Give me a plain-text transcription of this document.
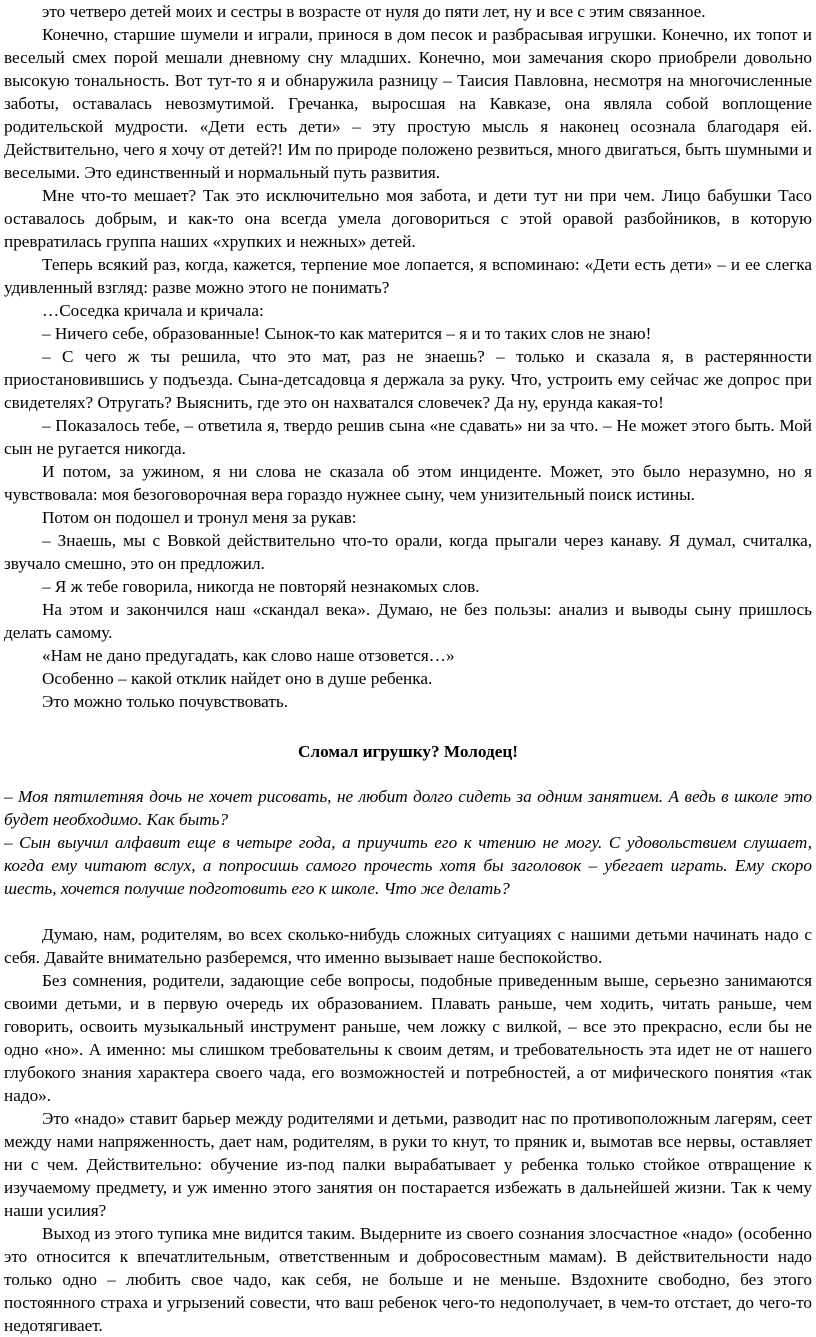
это четверо детей моих и сестры в возрасте от нуля до пяти лет, ну и все с этим связанное.

Конечно, старшие шумели и играли, принося в дом песок и разбрасывая игрушки. Конечно, их топот и веселый смех порой мешали дневному сну младших. Конечно, мои замечания скоро приобрели довольно высокую тональность. Вот тут-то я и обнаружила разницу – Таисия Павловна, несмотря на многочисленные заботы, оставалась невозмутимой. Гречанка, выросшая на Кавказе, она являла собой воплощение родительской мудрости. «Дети есть дети» – эту простую мысль я наконец осознала благодаря ей. Действительно, чего я хочу от детей?! Им по природе положено резвиться, много двигаться, быть шумными и веселыми. Это единственный и нормальный путь развития.

Мне что-то мешает? Так это исключительно моя забота, и дети тут ни при чем. Лицо бабушки Тасо оставалось добрым, и как-то она всегда умела договориться с этой оравой разбойников, в которую превратилась группа наших «хрупких и нежных» детей.

Теперь всякий раз, когда, кажется, терпение мое лопается, я вспоминаю: «Дети есть дети» – и ее слегка удивленный взгляд: разве можно этого не понимать?

…Соседка кричала и кричала:

– Ничего себе, образованные! Сынок-то как матерится – я и то таких слов не знаю!

– С чего ж ты решила, что это мат, раз не знаешь? – только и сказала я, в растерянности приостановившись у подъезда. Сына-детсадовца я держала за руку. Что, устроить ему сейчас же допрос при свидетелях? Отругать? Выяснить, где это он нахватался словечек? Да ну, ерунда какая-то!

– Показалось тебе, – ответила я, твердо решив сына «не сдавать» ни за что. – Не может этого быть. Мой сын не ругается никогда.

И потом, за ужином, я ни слова не сказала об этом инциденте. Может, это было неразумно, но я чувствовала: моя безоговорочная вера гораздо нужнее сыну, чем унизительный поиск истины.

Потом он подошел и тронул меня за рукав:

– Знаешь, мы с Вовкой действительно что-то орали, когда прыгали через канаву. Я думал, считалка, звучало смешно, это он предложил.

– Я ж тебе говорила, никогда не повторяй незнакомых слов.

На этом и закончился наш «скандал века». Думаю, не без пользы: анализ и выводы сыну пришлось делать самому.

«Нам не дано предугадать, как слово наше отзовется…»

Особенно – какой отклик найдет оно в душе ребенка.

Это можно только почувствовать.

Сломал игрушку? Молодец!

– Моя пятилетняя дочь не хочет рисовать, не любит долго сидеть за одним занятием. А ведь в школе это будет необходимо. Как быть?

– Сын выучил алфавит еще в четыре года, а приучить его к чтению не могу. С удовольствием слушает, когда ему читают вслух, а попросишь самого прочесть хотя бы заголовок – убегает играть. Ему скоро шесть, хочется получше подготовить его к школе. Что же делать?

Думаю, нам, родителям, во всех сколько-нибудь сложных ситуациях с нашими детьми начинать надо с себя. Давайте внимательно разберемся, что именно вызывает наше беспокойство.

Без сомнения, родители, задающие себе вопросы, подобные приведенным выше, серьезно занимаются своими детьми, и в первую очередь их образованием. Плавать раньше, чем ходить, читать раньше, чем говорить, освоить музыкальный инструмент раньше, чем ложку с вилкой, – все это прекрасно, если бы не одно «но». А именно: мы слишком требовательны к своим детям, и требовательность эта идет не от нашего глубокого знания характера своего чада, его возможностей и потребностей, а от мифического понятия «так надо».

Это «надо» ставит барьер между родителями и детьми, разводит нас по противоположным лагерям, сеет между нами напряженность, дает нам, родителям, в руки то кнут, то пряник и, вымотав все нервы, оставляет ни с чем. Действительно: обучение из-под палки вырабатывает у ребенка только стойкое отвращение к изучаемому предмету, и уж именно этого занятия он постарается избежать в дальнейшей жизни. Так к чему наши усилия?

Выход из этого тупика мне видится таким. Выдерните из своего сознания злосчастное «надо» (особенно это относится к впечатлительным, ответственным и добросовестным мамам). В действительности надо только одно – любить свое чадо, как себя, не больше и не меньше. Вздохните свободно, без этого постоянного страха и угрызений совести, что ваш ребенок чего-то недополучает, в чем-то отстает, до чего-то недотягивает.
